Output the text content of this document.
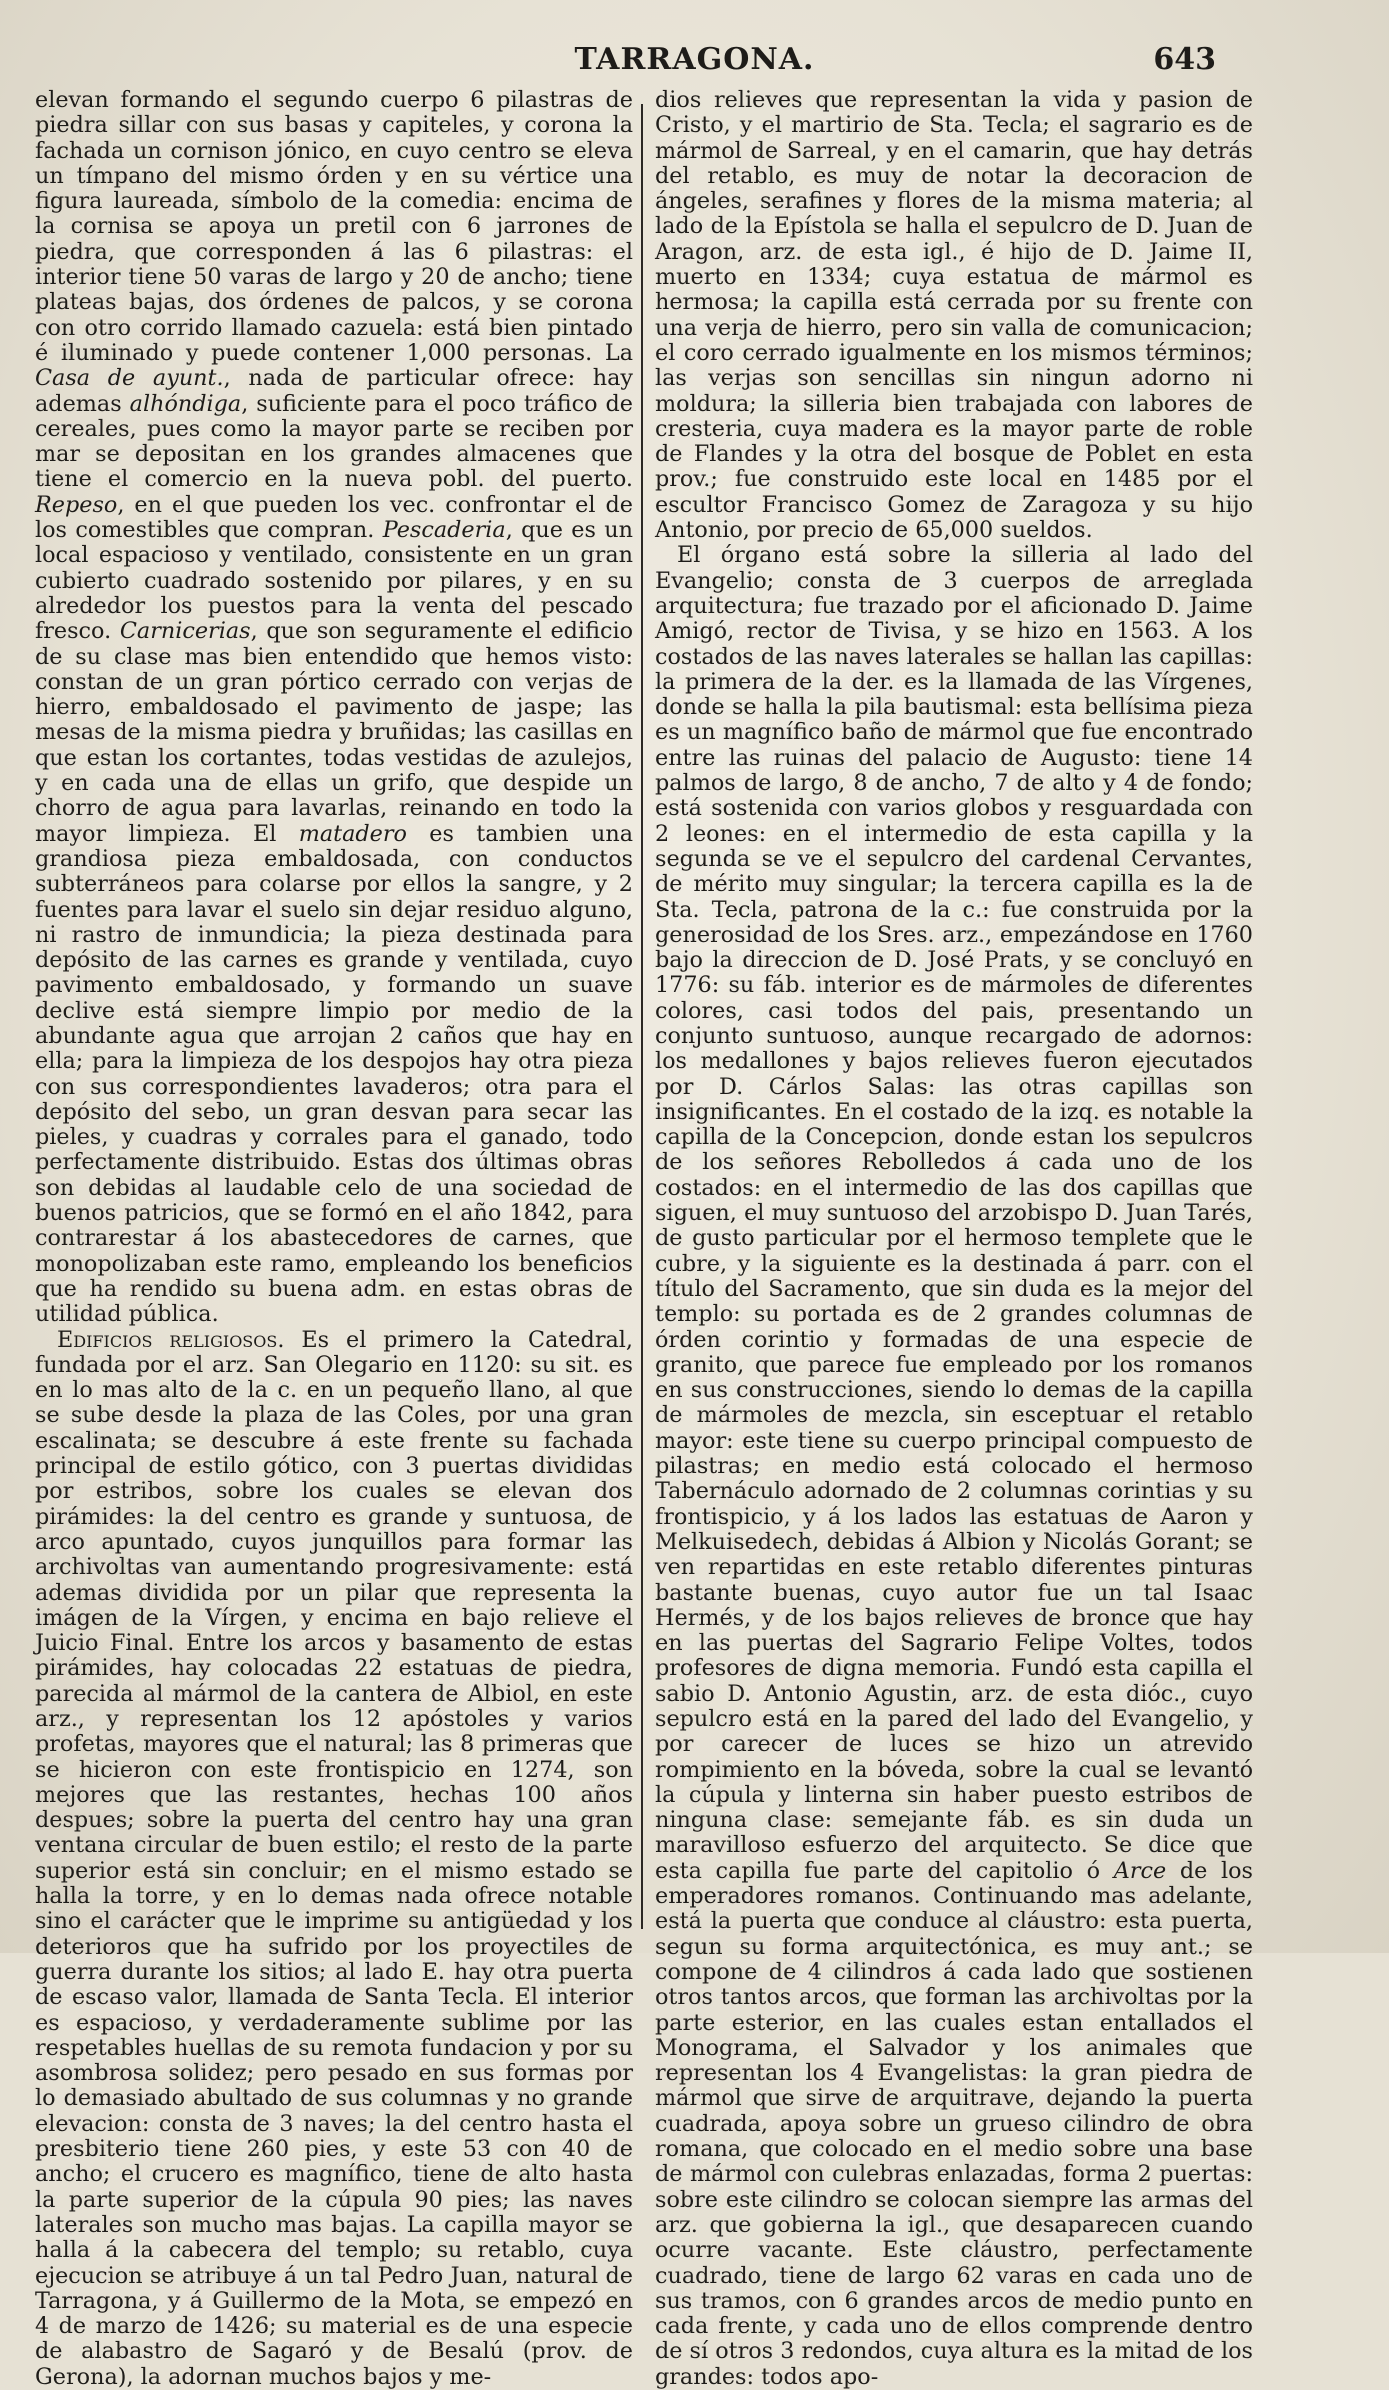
TARRAGONA.	643

elevan formando el segundo cuerpo 6 pilastras de piedra sillar con sus basas y capiteles, y corona la fachada un cornison jónico, en cuyo centro se eleva un tímpano del mismo órden y en su vértice una figura laureada, símbolo de la comedia: encima de la cornisa se apoya un pretil con 6 jarrones de piedra, que corresponden á las 6 pilastras: el interior tiene 50 varas de largo y 20 de ancho; tiene plateas bajas, dos órdenes de palcos, y se corona con otro corrido llamado cazuela: está bien pintado é iluminado y puede contener 1,000 personas. La Casa de ayunt., nada de particular ofrece: hay ademas alhóndiga, suficiente para el poco tráfico de cereales, pues como la mayor parte se reciben por mar se depositan en los grandes almacenes que tiene el comercio en la nueva pobl. del puerto. Repeso, en el que pueden los vec. confrontar el de los comestibles que compran. Pescaderia, que es un local espacioso y ventilado, consistente en un gran cubierto cuadrado sostenido por pilares, y en su alrededor los puestos para la venta del pescado fresco. Carnicerias, que son seguramente el edificio de su clase mas bien entendido que hemos visto: constan de un gran pórtico cerrado con verjas de hierro, embaldosado el pavimento de jaspe; las mesas de la misma piedra y bruñidas; las casillas en que estan los cortantes, todas vestidas de azulejos, y en cada una de ellas un grifo, que despide un chorro de agua para lavarlas, reinando en todo la mayor limpieza. El matadero es tambien una grandiosa pieza embaldosada, con conductos subterráneos para colarse por ellos la sangre, y 2 fuentes para lavar el suelo sin dejar residuo alguno, ni rastro de inmundicia; la pieza destinada para depósito de las carnes es grande y ventilada, cuyo pavimento embaldosado, y formando un suave declive está siempre limpio por medio de la abundante agua que arrojan 2 caños que hay en ella; para la limpieza de los despojos hay otra pieza con sus correspondientes lavaderos; otra para el depósito del sebo, un gran desvan para secar las pieles, y cuadras y corrales para el ganado, todo perfectamente distribuido. Estas dos últimas obras son debidas al laudable celo de una sociedad de buenos patricios, que se formó en el año 1842, para contrarestar á los abastecedores de carnes, que monopolizaban este ramo, empleando los beneficios que ha rendido su buena adm. en estas obras de utilidad pública.

Edificios religiosos. Es el primero la Catedral, fundada por el arz. San Olegario en 1120: su sit. es en lo mas alto de la c. en un pequeño llano, al que se sube desde la plaza de las Coles, por una gran escalinata; se descubre á este frente su fachada principal de estilo gótico, con 3 puertas divididas por estribos, sobre los cuales se elevan dos pirámides: la del centro es grande y suntuosa, de arco apuntado, cuyos junquillos para formar las archivoltas van aumentando progresivamente: está ademas dividida por un pilar que representa la imágen de la Vírgen, y encima en bajo relieve el Juicio Final. Entre los arcos y basamento de estas pirámides, hay colocadas 22 estatuas de piedra, parecida al mármol de la cantera de Albiol, en este arz., y representan los 12 apóstoles y varios profetas, mayores que el natural; las 8 primeras que se hicieron con este frontispicio en 1274, son mejores que las restantes, hechas 100 años despues; sobre la puerta del centro hay una gran ventana circular de buen estilo; el resto de la parte superior está sin concluir; en el mismo estado se halla la torre, y en lo demas nada ofrece notable sino el carácter que le imprime su antigüedad y los deterioros que ha sufrido por los proyectiles de guerra durante los sitios; al lado E. hay otra puerta de escaso valor, llamada de Santa Tecla. El interior es espacioso, y verdaderamente sublime por las respetables huellas de su remota fundacion y por su asombrosa solidez; pero pesado en sus formas por lo demasiado abultado de sus columnas y no grande elevacion: consta de 3 naves; la del centro hasta el presbiterio tiene 260 pies, y este 53 con 40 de ancho; el crucero es magnífico, tiene de alto hasta la parte superior de la cúpula 90 pies; las naves laterales son mucho mas bajas. La capilla mayor se halla á la cabecera del templo; su retablo, cuya ejecucion se atribuye á un tal Pedro Juan, natural de Tarragona, y á Guillermo de la Mota, se empezó en 4 de marzo de 1426; su material es de una especie de alabastro de Sagaró y de Besalú (prov. de Gerona), la adornan muchos bajos y me-

dios relieves que representan la vida y pasion de Cristo, y el martirio de Sta. Tecla; el sagrario es de mármol de Sarreal, y en el camarin, que hay detrás del retablo, es muy de notar la decoracion de ángeles, serafines y flores de la misma materia; al lado de la Epístola se halla el sepulcro de D. Juan de Aragon, arz. de esta igl., é hijo de D. Jaime II, muerto en 1334; cuya estatua de mármol es hermosa; la capilla está cerrada por su frente con una verja de hierro, pero sin valla de comunicacion; el coro cerrado igualmente en los mismos términos; las verjas son sencillas sin ningun adorno ni moldura; la silleria bien trabajada con labores de cresteria, cuya madera es la mayor parte de roble de Flandes y la otra del bosque de Poblet en esta prov.; fue construido este local en 1485 por el escultor Francisco Gomez de Zaragoza y su hijo Antonio, por precio de 65,000 sueldos.

El órgano está sobre la silleria al lado del Evangelio; consta de 3 cuerpos de arreglada arquitectura; fue trazado por el aficionado D. Jaime Amigó, rector de Tivisa, y se hizo en 1563. A los costados de las naves laterales se hallan las capillas: la primera de la der. es la llamada de las Vírgenes, donde se halla la pila bautismal: esta bellísima pieza es un magnífico baño de mármol que fue encontrado entre las ruinas del palacio de Augusto: tiene 14 palmos de largo, 8 de ancho, 7 de alto y 4 de fondo; está sostenida con varios globos y resguardada con 2 leones: en el intermedio de esta capilla y la segunda se ve el sepulcro del cardenal Cervantes, de mérito muy singular; la tercera capilla es la de Sta. Tecla, patrona de la c.: fue construida por la generosidad de los Sres. arz., empezándose en 1760 bajo la direccion de D. José Prats, y se concluyó en 1776: su fáb. interior es de mármoles de diferentes colores, casi todos del pais, presentando un conjunto suntuoso, aunque recargado de adornos: los medallones y bajos relieves fueron ejecutados por D. Cárlos Salas: las otras capillas son insignificantes. En el costado de la izq. es notable la capilla de la Concepcion, donde estan los sepulcros de los señores Rebolledos á cada uno de los costados: en el intermedio de las dos capillas que siguen, el muy suntuoso del arzobispo D. Juan Tarés, de gusto particular por el hermoso templete que le cubre, y la siguiente es la destinada á parr. con el título del Sacramento, que sin duda es la mejor del templo: su portada es de 2 grandes columnas de órden corintio y formadas de una especie de granito, que parece fue empleado por los romanos en sus construcciones, siendo lo demas de la capilla de mármoles de mezcla, sin esceptuar el retablo mayor: este tiene su cuerpo principal compuesto de pilastras; en medio está colocado el hermoso Tabernáculo adornado de 2 columnas corintias y su frontispicio, y á los lados las estatuas de Aaron y Melkuisedech, debidas á Albion y Nicolás Gorant; se ven repartidas en este retablo diferentes pinturas bastante buenas, cuyo autor fue un tal Isaac Hermés, y de los bajos relieves de bronce que hay en las puertas del Sagrario Felipe Voltes, todos profesores de digna memoria. Fundó esta capilla el sabio D. Antonio Agustin, arz. de esta dióc., cuyo sepulcro está en la pared del lado del Evangelio, y por carecer de luces se hizo un atrevido rompimiento en la bóveda, sobre la cual se levantó la cúpula y linterna sin haber puesto estribos de ninguna clase: semejante fáb. es sin duda un maravilloso esfuerzo del arquitecto. Se dice que esta capilla fue parte del capitolio ó Arce de los emperadores romanos. Continuando mas adelante, está la puerta que conduce al cláustro: esta puerta, segun su forma arquitectónica, es muy ant.; se compone de 4 cilindros á cada lado que sostienen otros tantos arcos, que forman las archivoltas por la parte esterior, en las cuales estan entallados el Monograma, el Salvador y los animales que representan los 4 Evangelistas: la gran piedra de mármol que sirve de arquitrave, dejando la puerta cuadrada, apoya sobre un grueso cilindro de obra romana, que colocado en el medio sobre una base de mármol con culebras enlazadas, forma 2 puertas: sobre este cilindro se colocan siempre las armas del arz. que gobierna la igl., que desaparecen cuando ocurre vacante. Este cláustro, perfectamente cuadrado, tiene de largo 62 varas en cada uno de sus tramos, con 6 grandes arcos de medio punto en cada frente, y cada uno de ellos comprende dentro de sí otros 3 redondos, cuya altura es la mitad de los grandes: todos apo-
